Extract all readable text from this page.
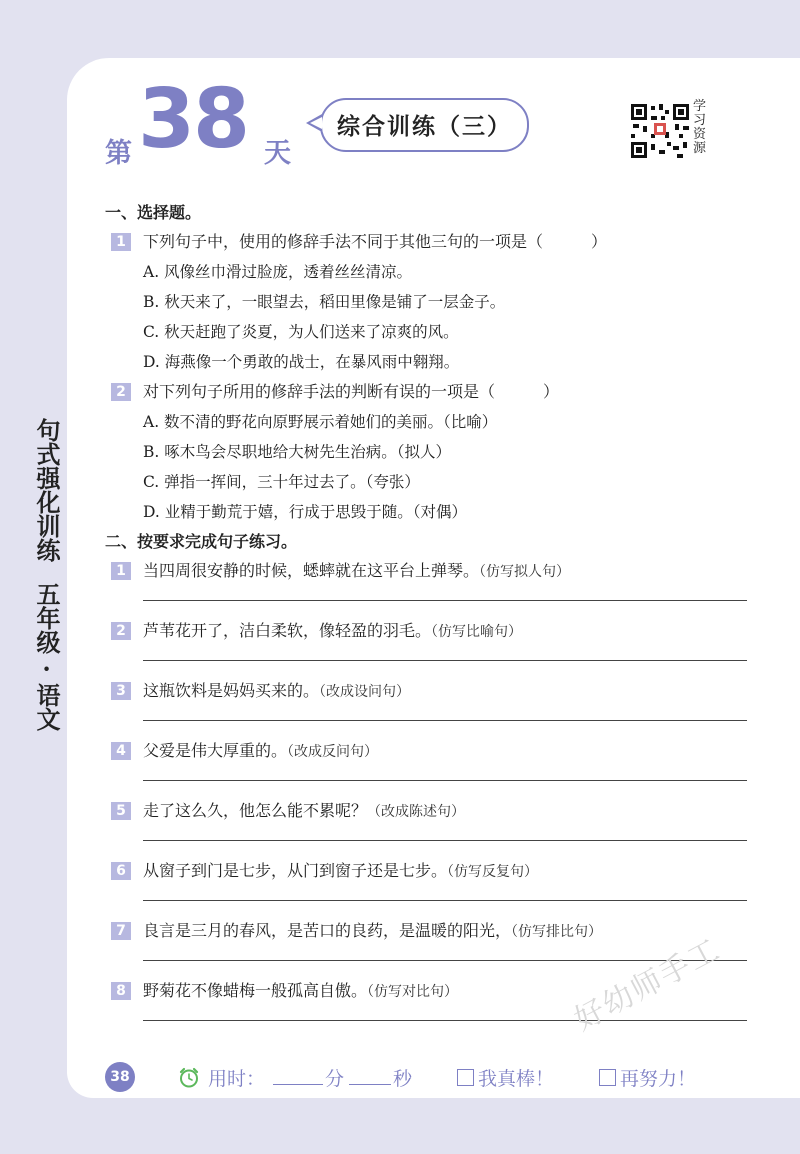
句式强化训练
五年级·语文
第 38 天
综合训练（三）
学习资源
一、选择题。
1	下列句子中，使用的修辞手法不同于其他三句的一项是（　　　）
A. 风像丝巾滑过脸庞，透着丝丝清凉。
B. 秋天来了，一眼望去，稻田里像是铺了一层金子。
C. 秋天赶跑了炎夏，为人们送来了凉爽的风。
D. 海燕像一个勇敢的战士，在暴风雨中翱翔。
2	对下列句子所用的修辞手法的判断有误的一项是（　　　）
A. 数不清的野花向原野展示着她们的美丽。（比喻）
B. 啄木鸟会尽职地给大树先生治病。（拟人）
C. 弹指一挥间，三十年过去了。（夸张）
D. 业精于勤荒于嬉，行成于思毁于随。（对偶）
二、按要求完成句子练习。
1	当四周很安静的时候，蟋蟀就在这平台上弹琴。（仿写拟人句）
2	芦苇花开了，洁白柔软，像轻盈的羽毛。（仿写比喻句）
3	这瓶饮料是妈妈买来的。（改成设问句）
4	父爱是伟大厚重的。（改成反问句）
5	走了这么久，他怎么能不累呢？（改成陈述句）
6	从窗子到门是七步，从门到窗子还是七步。（仿写反复句）
7	良言是三月的春风，是苦口的良药，是温暖的阳光，（仿写排比句）
8	野菊花不像蜡梅一般孤高自傲。（仿写对比句）	好幼师手工
38	用时：	分	秒	我真棒！	再努力！
